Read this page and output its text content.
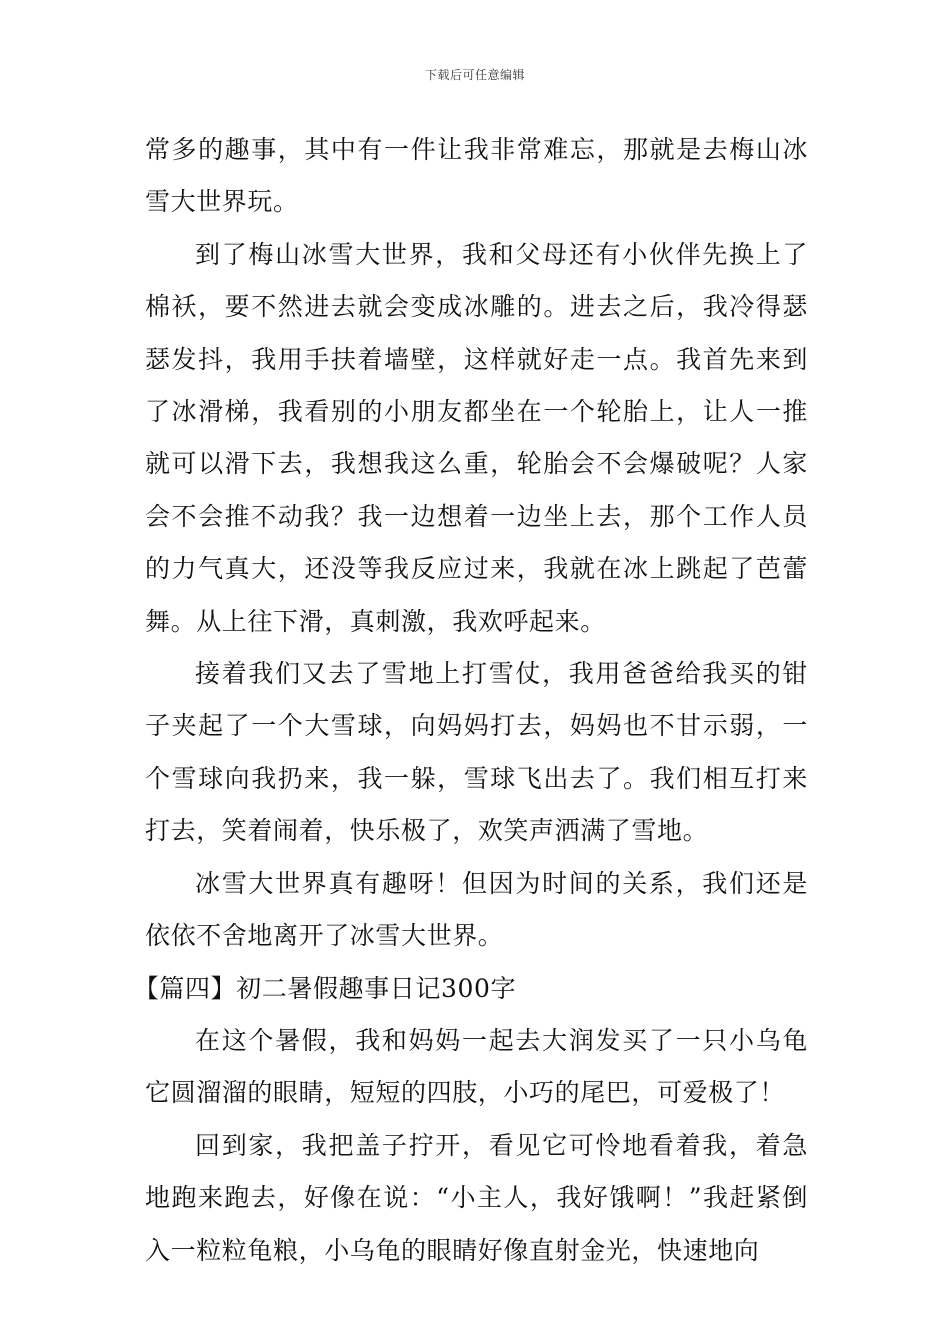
下载后可任意编辑

常多的趣事，其中有一件让我非常难忘，那就是去梅山冰雪大世界玩。

到了梅山冰雪大世界，我和父母还有小伙伴先换上了棉袄，要不然进去就会变成冰雕的。进去之后，我冷得瑟瑟发抖，我用手扶着墙壁，这样就好走一点。我首先来到了冰滑梯，我看别的小朋友都坐在一个轮胎上，让人一推就可以滑下去，我想我这么重，轮胎会不会爆破呢？人家会不会推不动我？我一边想着一边坐上去，那个工作人员的力气真大，还没等我反应过来，我就在冰上跳起了芭蕾舞。从上往下滑，真刺激，我欢呼起来。

接着我们又去了雪地上打雪仗，我用爸爸给我买的钳子夹起了一个大雪球，向妈妈打去，妈妈也不甘示弱，一个雪球向我扔来，我一躲，雪球飞出去了。我们相互打来打去，笑着闹着，快乐极了，欢笑声洒满了雪地。

冰雪大世界真有趣呀！但因为时间的关系，我们还是依依不舍地离开了冰雪大世界。

【篇四】初二暑假趣事日记300字

在这个暑假，我和妈妈一起去大润发买了一只小乌龟它圆溜溜的眼睛，短短的四肢，小巧的尾巴，可爱极了！

回到家，我把盖子拧开，看见它可怜地看着我，着急地跑来跑去，好像在说：“小主人，我好饿啊！”我赶紧倒入一粒粒龟粮，小乌龟的眼睛好像直射金光，快速地向
